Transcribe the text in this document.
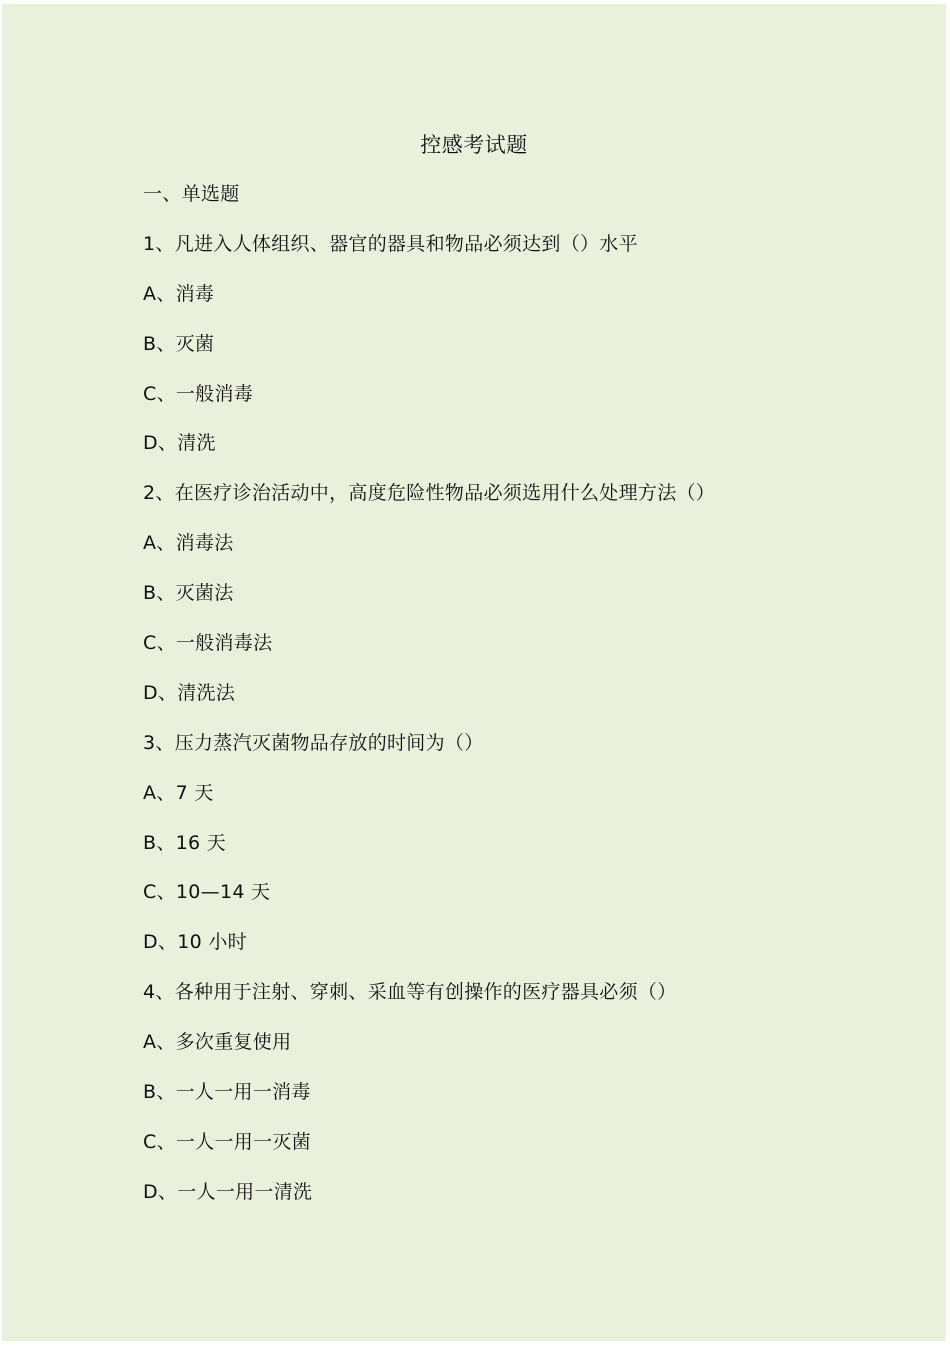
控感考试题
一、单选题
1、凡进入人体组织、器官的器具和物品必须达到（）水平
A、消毒
B、灭菌
C、一般消毒
D、清洗
2、在医疗诊治活动中，高度危险性物品必须选用什么处理方法（）
A、消毒法
B、灭菌法
C、一般消毒法
D、清洗法
3、压力蒸汽灭菌物品存放的时间为（）
A、7 天
B、16 天
C、10—14 天
D、10 小时
4、各种用于注射、穿刺、采血等有创操作的医疗器具必须（）
A、多次重复使用
B、一人一用一消毒
C、一人一用一灭菌
D、一人一用一清洗
